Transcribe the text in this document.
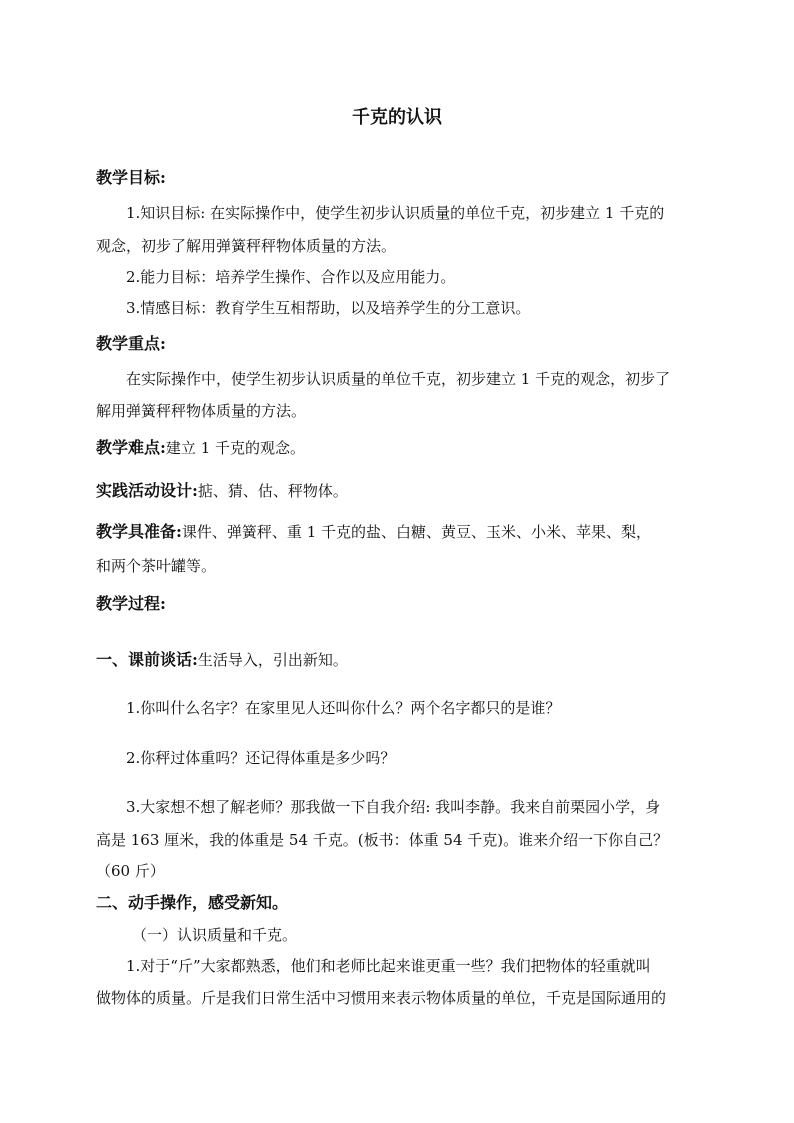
千克的认识
教学目标:
1.知识目标: 在实际操作中，使学生初步认识质量的单位千克，初步建立 1 千克的
观念，初步了解用弹簧秤秤物体质量的方法。
2.能力目标：培养学生操作、合作以及应用能力。
3.情感目标：教育学生互相帮助，以及培养学生的分工意识。
教学重点:
在实际操作中，使学生初步认识质量的单位千克，初步建立 1 千克的观念，初步了
解用弹簧秤秤物体质量的方法。
教学难点:建立 1 千克的观念。
实践活动设计:掂、猜、估、秤物体。
教学具准备:课件、弹簧秤、重 1 千克的盐、白糖、黄豆、玉米、小米、苹果、梨，
和两个茶叶罐等。
教学过程:
一、课前谈话:生活导入，引出新知。
1.你叫什么名字？在家里见人还叫你什么？两个名字都只的是谁？
2.你秤过体重吗？还记得体重是多少吗？
3.大家想不想了解老师？那我做一下自我介绍: 我叫李静。我来自前栗园小学，身
高是 163 厘米，我的体重是 54 千克。(板书：体重 54 千克)。谁来介绍一下你自己？
（60 斤）
二、动手操作，感受新知。
（一）认识质量和千克。
1.对于“斤”大家都熟悉，他们和老师比起来谁更重一些？我们把物体的轻重就叫
做物体的质量。斤是我们日常生活中习惯用来表示物体质量的单位，千克是国际通用的
